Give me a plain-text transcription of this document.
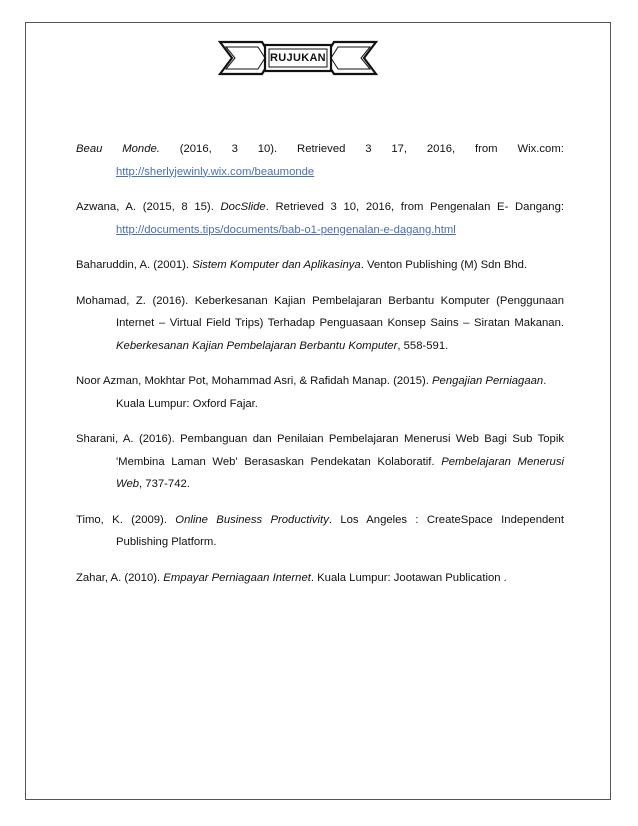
RUJUKAN
Beau Monde. (2016, 3 10). Retrieved 3 17, 2016, from Wix.com:
http://sherlyjewinly.wix.com/beaumonde
Azwana, A. (2015, 8 15). DocSlide. Retrieved 3 10, 2016, from Pengenalan E- Dangang:
http://documents.tips/documents/bab-o1-pengenalan-e-dagang.html
Baharuddin, A. (2001). Sistem Komputer dan Aplikasinya. Venton Publishing (M) Sdn Bhd.
Mohamad, Z. (2016). Keberkesanan Kajian Pembelajaran Berbantu Komputer (Penggunaan
Internet – Virtual Field Trips) Terhadap Penguasaan Konsep Sains – Siratan Makanan.
Keberkesanan Kajian Pembelajaran Berbantu Komputer, 558-591.
Noor Azman, Mokhtar Pot, Mohammad Asri, & Rafidah Manap. (2015). Pengajian Perniagaan.
Kuala Lumpur: Oxford Fajar.
Sharani, A. (2016). Pembanguan dan Penilaian Pembelajaran Menerusi Web Bagi Sub Topik
'Membina Laman Web' Berasaskan Pendekatan Kolaboratif. Pembelajaran Menerusi Web, 737-742.
Timo, K. (2009). Online Business Productivity. Los Angeles : CreateSpace Independent
Publishing Platform.
Zahar, A. (2010). Empayar Perniagaan Internet. Kuala Lumpur: Jootawan Publication .
